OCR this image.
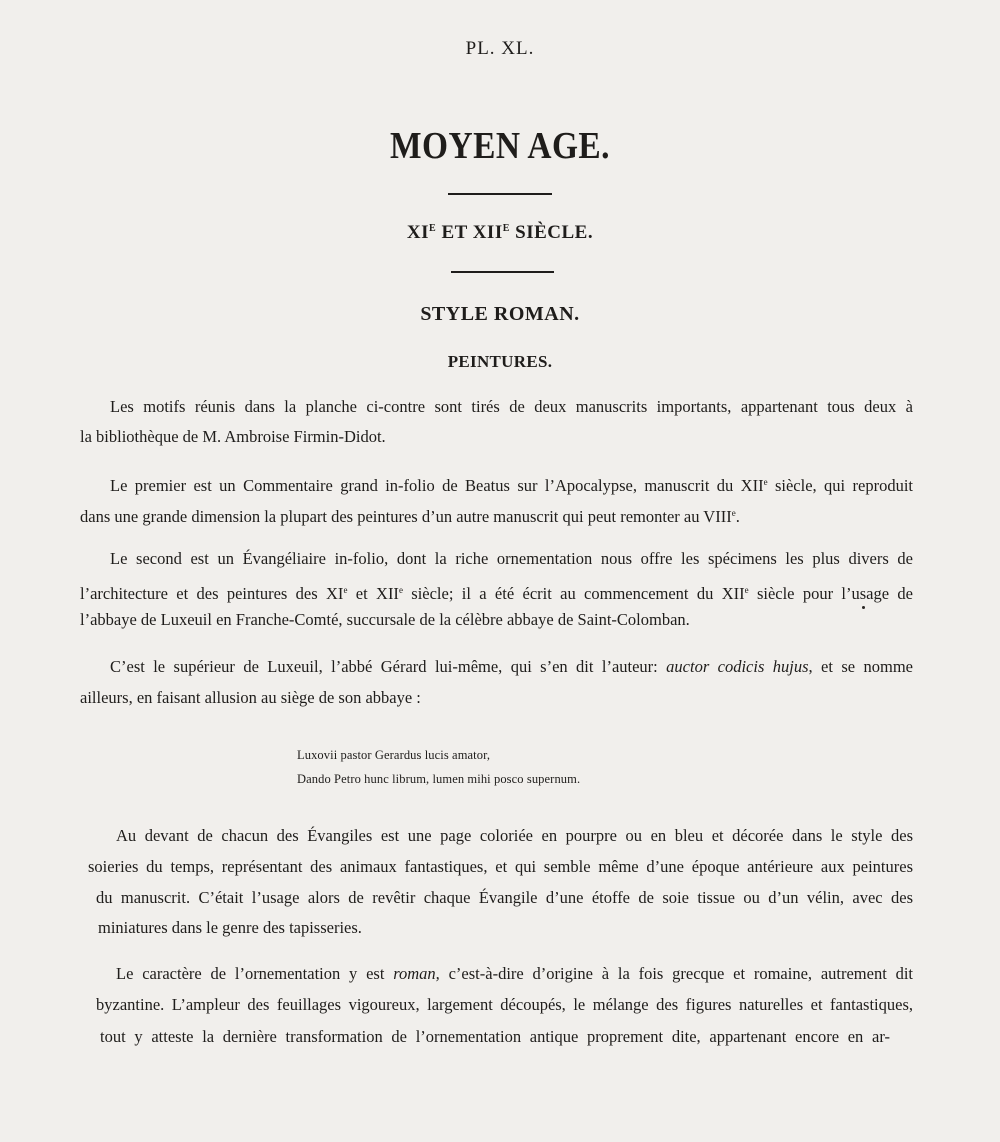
PL. XL.
MOYEN AGE.
$XI^E$ ET $XII^E$ SIÈCLE.
STYLE ROMAN.
PEINTURES.
Les motifs réunis dans la planche ci-contre sont tirés de deux manuscrits importants, appartenant tous deux à
la bibliothèque de M. Ambroise Firmin-Didot.
Le premier est un Commentaire grand in-folio de Beatus sur l’Apocalypse, manuscrit du XIIe siècle, qui reproduit
dans une grande dimension la plupart des peintures d’un autre manuscrit qui peut remonter au VIIIe.
Le second est un Évangéliaire in-folio, dont la riche ornementation nous offre les spécimens les plus divers de
l’architecture et des peintures des XIe et XIIe siècle; il a été écrit au commencement du XIIe siècle pour l’usage de
l’abbaye de Luxeuil en Franche-Comté, succursale de la célèbre abbaye de Saint-Colomban.
C’est le supérieur de Luxeuil, l’abbé Gérard lui-même, qui s’en dit l’auteur: auctor codicis hujus, et se nomme
ailleurs, en faisant allusion au siège de son abbaye :
Luxovii pastor Gerardus lucis amator,
Dando Petro hunc librum, lumen mihi posco supernum.
Au devant de chacun des Évangiles est une page coloriée en pourpre ou en bleu et décorée dans le style des
soieries du temps, représentant des animaux fantastiques, et qui semble même d’une époque antérieure aux peintures
du manuscrit. C’était l’usage alors de revêtir chaque Évangile d’une étoffe de soie tissue ou d’un vélin, avec des
miniatures dans le genre des tapisseries.
Le caractère de l’ornementation y est roman, c’est-à-dire d’origine à la fois grecque et romaine, autrement dit
byzantine. L’ampleur des feuillages vigoureux, largement découpés, le mélange des figures naturelles et fantastiques,
tout y atteste la dernière transformation de l’ornementation antique proprement dite, appartenant encore en ar-
